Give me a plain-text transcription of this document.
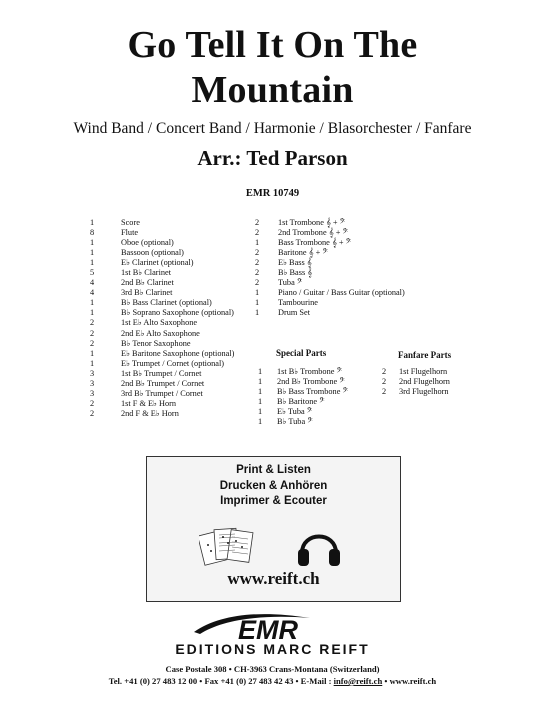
Go Tell It On The
Mountain
Wind Band / Concert Band / Harmonie / Blasorchester / Fanfare
Arr.: Ted Parson
EMR 10749
1	Score
8	Flute
1	Oboe (optional)
1	Bassoon (optional)
1	E♭ Clarinet (optional)
5	1st B♭ Clarinet
4	2nd B♭ Clarinet
4	3rd B♭ Clarinet
1	B♭ Bass Clarinet (optional)
1	B♭ Soprano Saxophone (optional)
2	1st E♭ Alto Saxophone
2	2nd E♭ Alto Saxophone
2	B♭ Tenor Saxophone
1	E♭ Baritone Saxophone (optional)
1	E♭ Trumpet / Cornet (optional)
3	1st B♭ Trumpet / Cornet
3	2nd B♭ Trumpet / Cornet
3	3rd B♭ Trumpet / Cornet
2	1st F & E♭ Horn
2	2nd F & E♭ Horn
2	1st Trombone 𝄞 + 𝄢
2	2nd Trombone 𝄞 + 𝄢
1	Bass Trombone 𝄞 + 𝄢
2	Baritone 𝄞 + 𝄢
2	E♭ Bass 𝄞
2	B♭ Bass 𝄞
2	Tuba 𝄢
1	Piano / Guitar / Bass Guitar (optional)
1	Tambourine
1	Drum Set
Special Parts
1	1st B♭ Trombone 𝄢
1	2nd B♭ Trombone 𝄢
1	B♭ Bass Trombone 𝄢
1	B♭ Baritone 𝄢
1	E♭ Tuba 𝄢
1	B♭ Tuba 𝄢
Fanfare Parts
2	1st Flugelhorn
2	2nd Flugelhorn
2	3rd Flugelhorn
Print & Listen
Drucken & Anhören
Imprimer & Ecouter
www.reift.ch
EMR
EDITIONS MARC REIFT
Case Postale 308 • CH-3963 Crans-Montana (Switzerland)
Tel. +41 (0) 27 483 12 00 • Fax +41 (0) 27 483 42 43 • E-Mail : info@reift.ch • www.reift.ch
